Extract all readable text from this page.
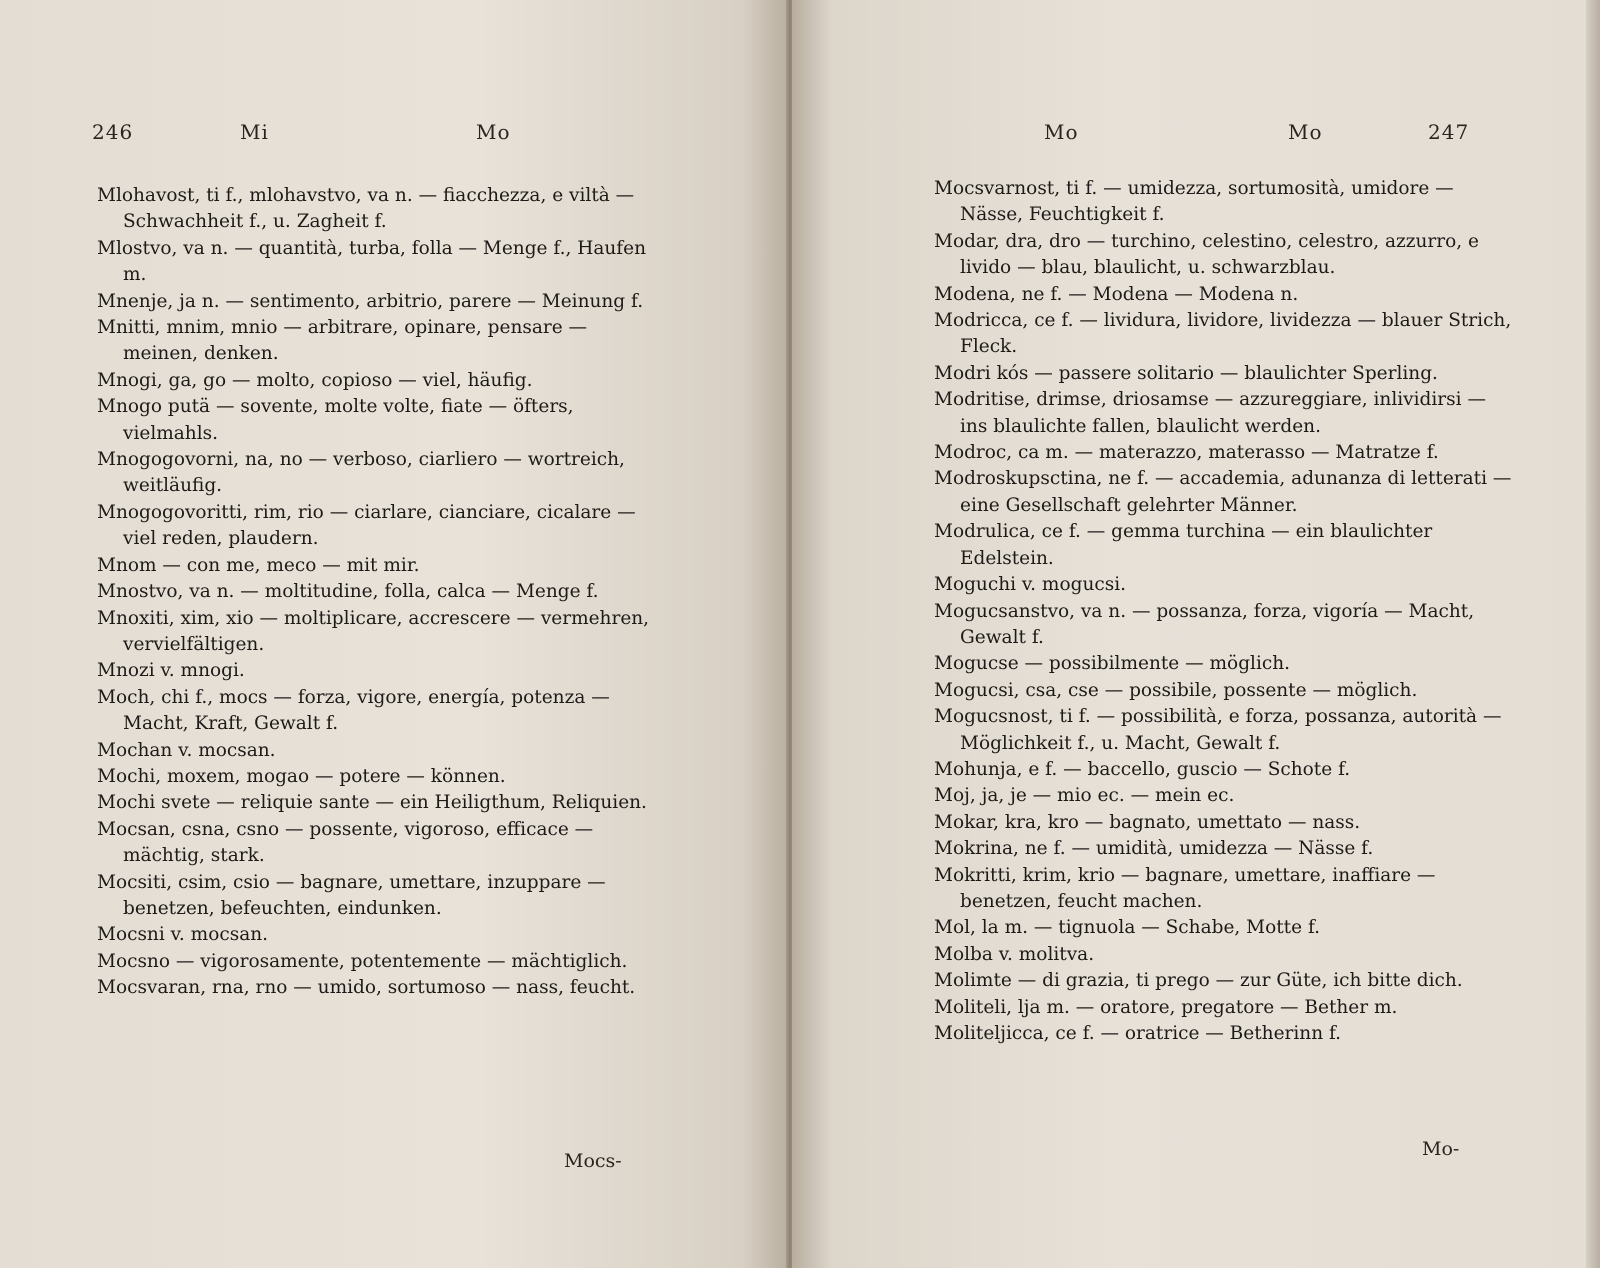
246	Mi	Mo

Mlohavost, ti f., mlohavstvo, va n. — fiacchezza, e viltà — Schwachheit f., u. Zagheit f.

Mlostvo, va n. — quantità, turba, folla — Menge f., Haufen m.

Mnenje, ja n. — sentimento, arbitrio, parere — Meinung f.

Mnitti, mnim, mnio — arbitrare, opinare, pensare — meinen, denken.

Mnogi, ga, go — molto, copioso — viel, häufig.

Mnogo putä — sovente, molte volte, fiate — öfters, vielmahls.

Mnogogovorni, na, no — verboso, ciarliero — wortreich, weitläufig.

Mnogogovoritti, rim, rio — ciarlare, cianciare, cicalare — viel reden, plaudern.

Mnom — con me, meco — mit mir.

Mnostvo, va n. — moltitudine, folla, calca — Menge f.

Mnoxiti, xim, xio — moltiplicare, accrescere — vermehren, vervielfältigen.

Mnozi v. mnogi.

Moch, chi f., mocs — forza, vigore, energía, potenza — Macht, Kraft, Gewalt f.

Mochan v. mocsan.

Mochi, moxem, mogao — potere — können.

Mochi svete — reliquie sante — ein Heiligthum, Reliquien.

Mocsan, csna, csno — possente, vigoroso, efficace — mächtig, stark.

Mocsiti, csim, csio — bagnare, umettare, inzuppare — benetzen, befeuchten, eindunken.

Mocsni v. mocsan.

Mocsno — vigorosamente, potentemente — mächtiglich.

Mocsvaran, rna, rno — umido, sortumoso — nass, feucht.

Mocs-
Mo	Mo	247

Mocsvarnost, ti f. — umidezza, sortumosità, umidore — Nässe, Feuchtigkeit f.

Modar, dra, dro — turchino, celestino, celestro, azzurro, e livido — blau, blaulicht, u. schwarzblau.

Modena, ne f. — Modena — Modena n.

Modricca, ce f. — lividura, lividore, lividezza — blauer Strich, Fleck.

Modri kós — passere solitario — blaulichter Sperling.

Modritise, drimse, driosamse — azzureggiare, inlividirsi — ins blaulichte fallen, blaulicht werden.

Modroc, ca m. — materazzo, materasso — Matratze f.

Modroskupsctina, ne f. — accademia, adunanza di letterati — eine Gesellschaft gelehrter Männer.

Modrulica, ce f. — gemma turchina — ein blaulichter Edelstein.

Moguchi v. mogucsi.

Mogucsanstvo, va n. — possanza, forza, vigoría — Macht, Gewalt f.

Mogucse — possibilmente — möglich.

Mogucsi, csa, cse — possibile, possente — möglich.

Mogucsnost, ti f. — possibilità, e forza, possanza, autorità — Möglichkeit f., u. Macht, Gewalt f.

Mohunja, e f. — baccello, guscio — Schote f.

Moj, ja, je — mio ec. — mein ec.

Mokar, kra, kro — bagnato, umettato — nass.

Mokrina, ne f. — umidità, umidezza — Nässe f.

Mokritti, krim, krio — bagnare, umettare, inaffiare — benetzen, feucht machen.

Mol, la m. — tignuola — Schabe, Motte f.

Molba v. molitva.

Molimte — di grazia, ti prego — zur Güte, ich bitte dich.

Moliteli, lja m. — oratore, pregatore — Bether m.

Moliteljicca, ce f. — oratrice — Betherinn f.

Mo-
